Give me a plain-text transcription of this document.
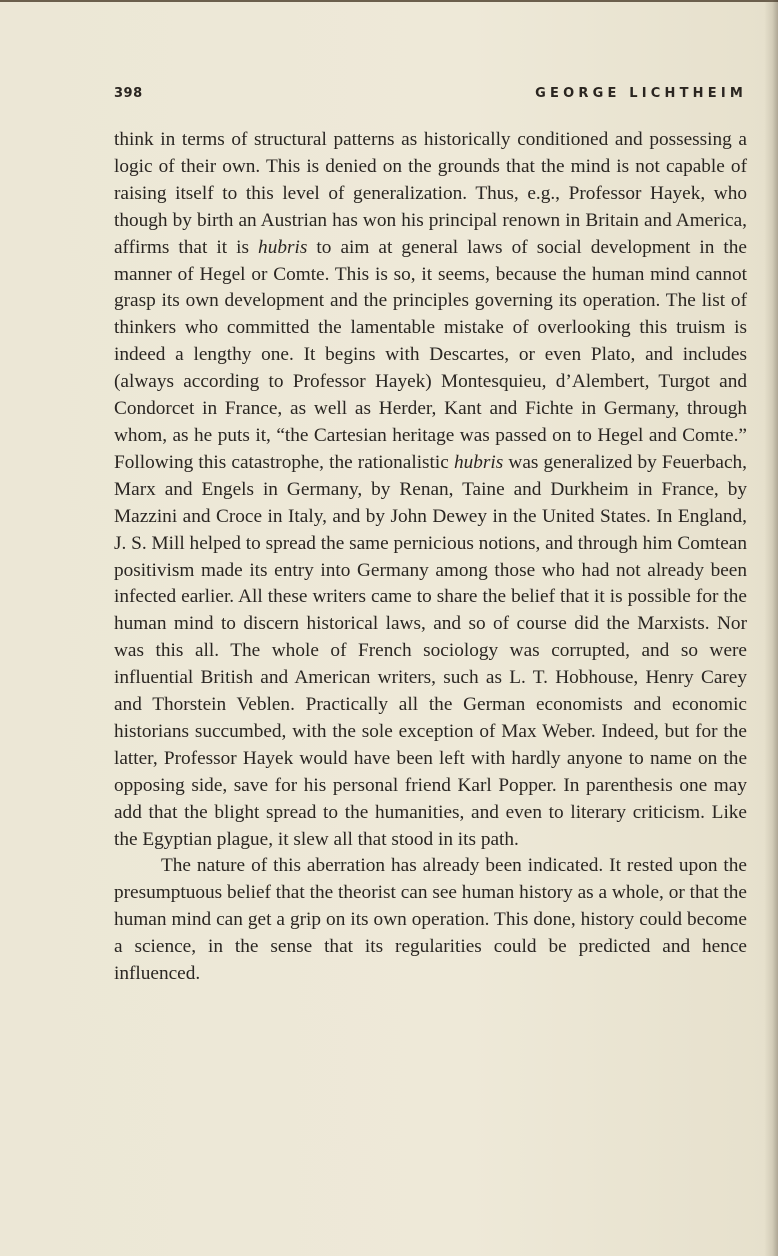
398	GEORGE LICHTHEIM

think in terms of structural patterns as historically conditioned and possessing a logic of their own. This is denied on the grounds that the mind is not capable of raising itself to this level of generalization. Thus, e.g., Professor Hayek, who though by birth an Austrian has won his principal renown in Britain and America, affirms that it is hubris to aim at general laws of social development in the manner of Hegel or Comte. This is so, it seems, because the human mind cannot grasp its own development and the principles governing its operation. The list of thinkers who committed the lamentable mistake of overlooking this truism is indeed a lengthy one. It begins with Descartes, or even Plato, and includes (always according to Professor Hayek) Montesquieu, d’Alembert, Turgot and Condorcet in France, as well as Herder, Kant and Fichte in Germany, through whom, as he puts it, “the Cartesian heritage was passed on to Hegel and Comte.” Following this catastrophe, the rationalistic hubris was generalized by Feuerbach, Marx and Engels in Germany, by Renan, Taine and Durkheim in France, by Mazzini and Croce in Italy, and by John Dewey in the United States. In England, J. S. Mill helped to spread the same pernicious notions, and through him Comtean positivism made its entry into Germany among those who had not already been infected earlier. All these writers came to share the belief that it is possible for the human mind to discern historical laws, and so of course did the Marxists. Nor was this all. The whole of French sociology was corrupted, and so were influential British and American writers, such as L. T. Hobhouse, Henry Carey and Thorstein Veblen. Practically all the German economists and economic historians succumbed, with the sole exception of Max Weber. Indeed, but for the latter, Professor Hayek would have been left with hardly anyone to name on the opposing side, save for his personal friend Karl Popper. In parenthesis one may add that the blight spread to the humanities, and even to literary criticism. Like the Egyptian plague, it slew all that stood in its path.

The nature of this aberration has already been indicated. It rested upon the presumptuous belief that the theorist can see human history as a whole, or that the human mind can get a grip on its own operation. This done, history could become a science, in the sense that its regularities could be predicted and hence influenced.
